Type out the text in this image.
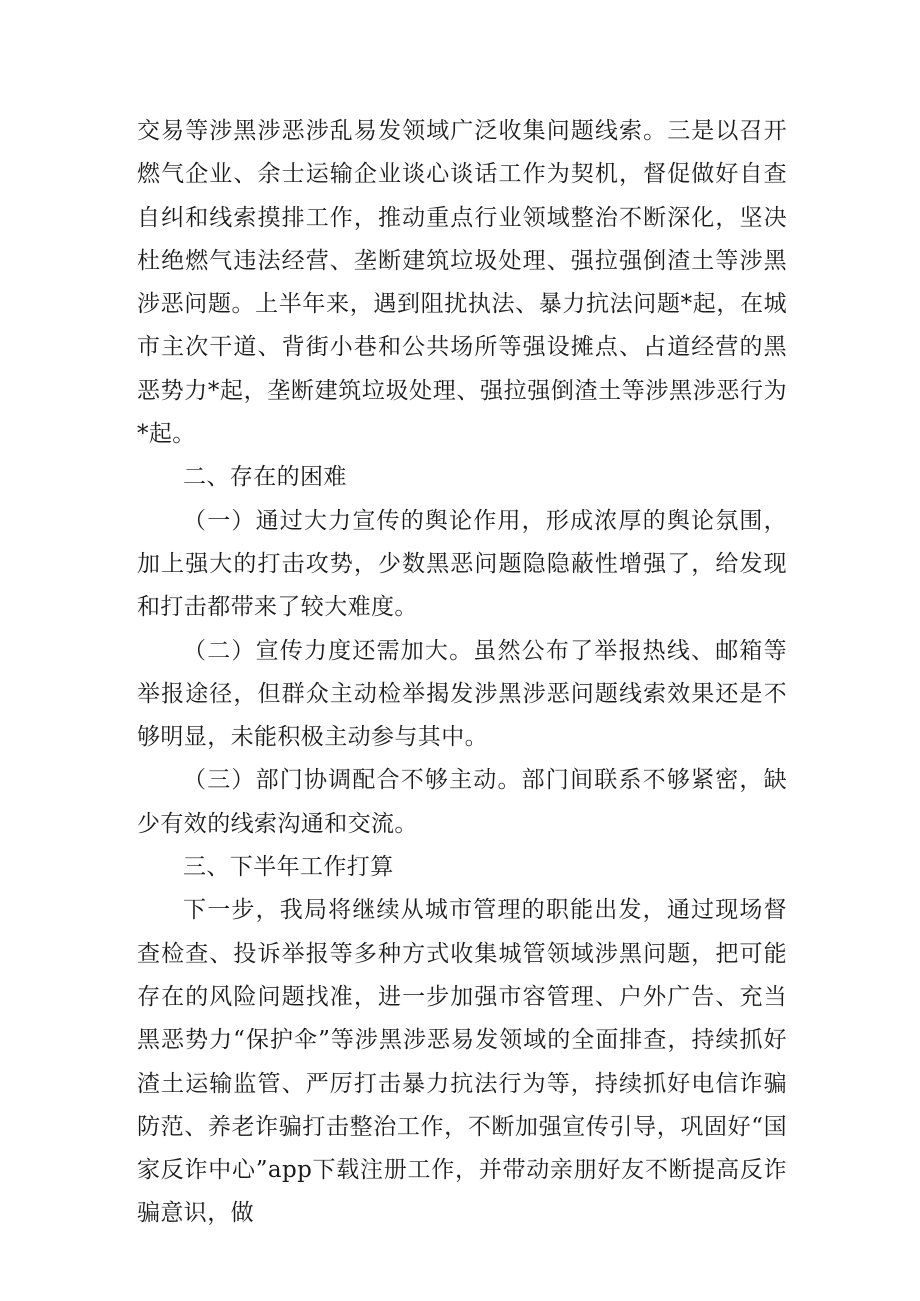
交易等涉黑涉恶涉乱易发领域广泛收集问题线索。三是以召开燃气企业、余士运输企业谈心谈话工作为契机，督促做好自查自纠和线索摸排工作，推动重点行业领域整治不断深化，坚决杜绝燃气违法经营、垄断建筑垃圾处理、强拉强倒渣土等涉黑涉恶问题。上半年来，遇到阻扰执法、暴力抗法问题*起，在城市主次干道、背街小巷和公共场所等强设摊点、占道经营的黑恶势力*起，垄断建筑垃圾处理、强拉强倒渣土等涉黑涉恶行为*起。

二、存在的困难

（一）通过大力宣传的舆论作用，形成浓厚的舆论氛围，加上强大的打击攻势，少数黑恶问题隐隐蔽性增强了，给发现和打击都带来了较大难度。

（二）宣传力度还需加大。虽然公布了举报热线、邮箱等举报途径，但群众主动检举揭发涉黑涉恶问题线索效果还是不够明显，未能积极主动参与其中。

（三）部门协调配合不够主动。部门间联系不够紧密，缺少有效的线索沟通和交流。

三、下半年工作打算

下一步，我局将继续从城市管理的职能出发，通过现场督查检查、投诉举报等多种方式收集城管领域涉黑问题，把可能存在的风险问题找准，进一步加强市容管理、户外广告、充当黑恶势力“保护伞”等涉黑涉恶易发领域的全面排查，持续抓好渣土运输监管、严厉打击暴力抗法行为等，持续抓好电信诈骗防范、养老诈骗打击整治工作，不断加强宣传引导，巩固好“国家反诈中心”app下载注册工作，并带动亲朋好友不断提高反诈骗意识，做
